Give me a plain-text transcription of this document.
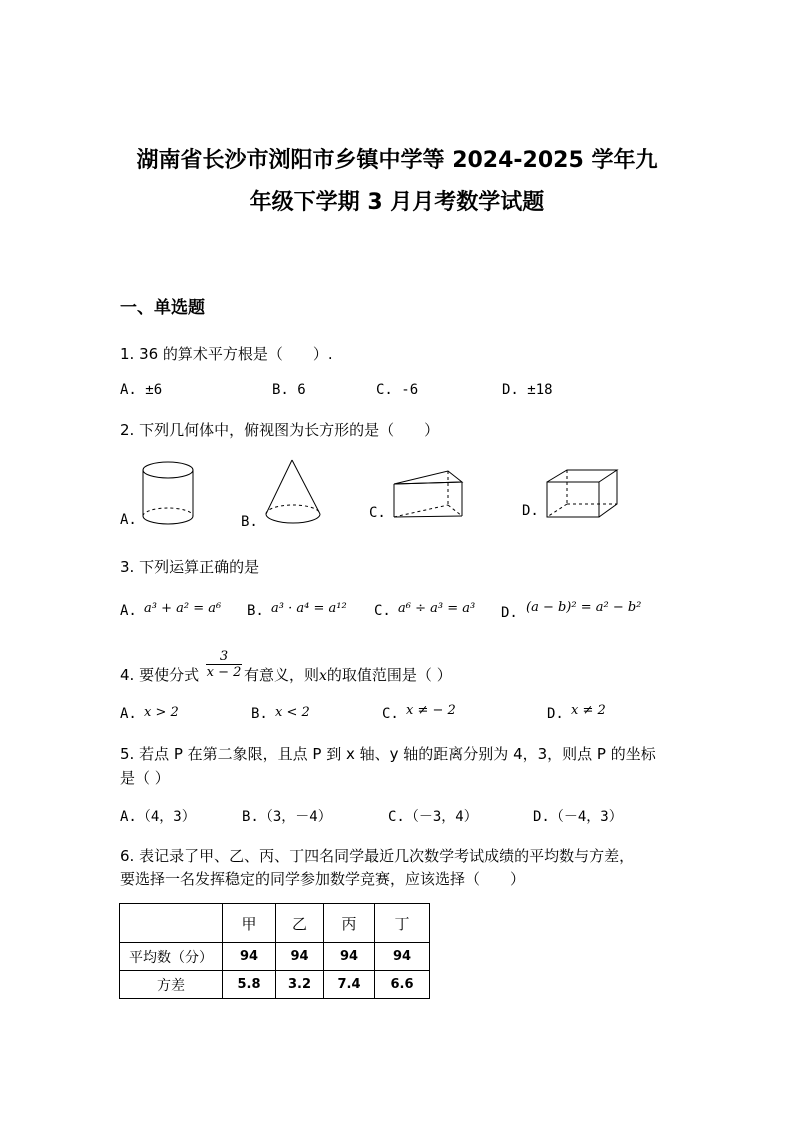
湖南省长沙市浏阳市乡镇中学等 2024-2025 学年九
年级下学期 3 月月考数学试题
一、单选题
1. 36 的算术平方根是（　　）.
A. ±6	B. 6	C. -6	D. ±18
2. 下列几何体中，俯视图为长方形的是（　　）
A.	B.
C.	D.
3. 下列运算正确的是
A. a³ + a² = a⁶ B. a³ · a⁴ = a¹² C. a⁶ ÷ a³ = a³ D. (a − b)² = a² − b²
4. 要使分式 $\frac{3}{x - 2}$ 有意义，则x的取值范围是（ ）
A. x > 2	B. x < 2	C. x ≠ − 2	D. x ≠ 2
5. 若点 P 在第二象限，且点 P 到 x 轴、y 轴的距离分别为 4，3，则点 P 的坐标
是（ ）
A.（4，3）	B.（3，－4）	C.（－3，4）	D.（－4，3）
6. 表记录了甲、乙、丙、丁四名同学最近几次数学考试成绩的平均数与方差，
要选择一名发挥稳定的同学参加数学竞赛，应该选择（　　）
	甲	乙	丙	丁
平均数（分）	94	94	94	94
方差	5.8	3.2	7.4	6.6
